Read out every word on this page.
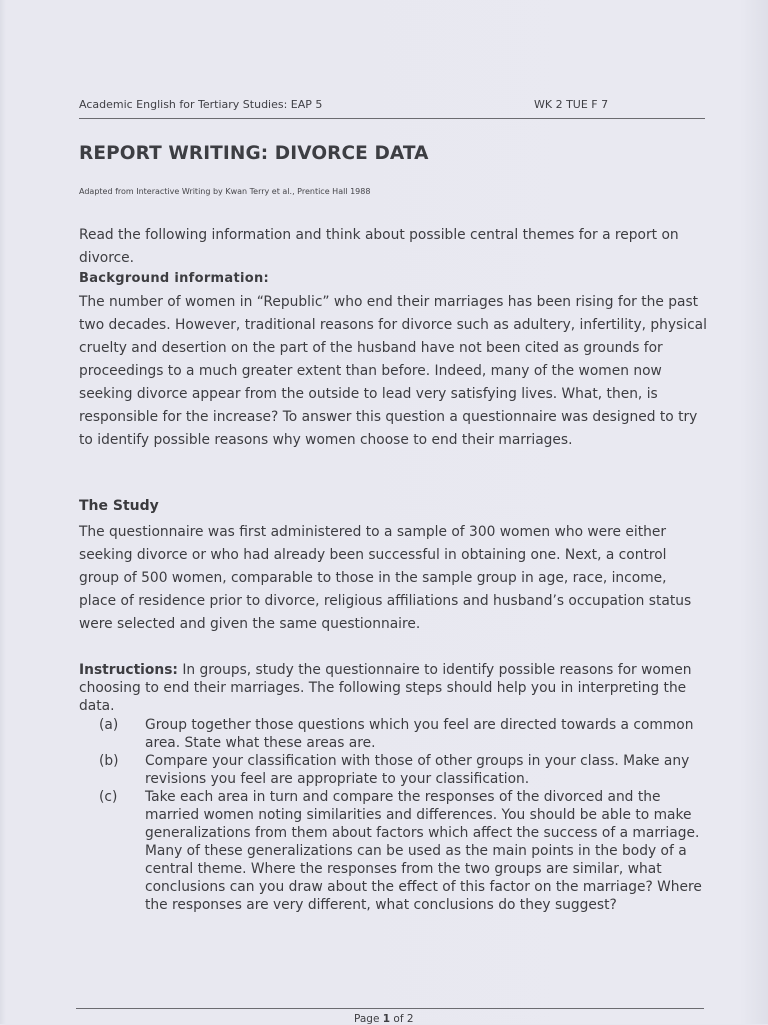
Academic English for Tertiary Studies: EAP 5	WK 2 TUE F 7
REPORT WRITING: DIVORCE DATA
Adapted from Interactive Writing by Kwan Terry et al., Prentice Hall 1988

Read the following information and think about possible central themes for a report on divorce.

Background information:

The number of women in “Republic” who end their marriages has been rising for the past two decades. However, traditional reasons for divorce such as adultery, infertility, physical cruelty and desertion on the part of the husband have not been cited as grounds for proceedings to a much greater extent than before. Indeed, many of the women now seeking divorce appear from the outside to lead very satisfying lives. What, then, is responsible for the increase? To answer this question a questionnaire was designed to try to identify possible reasons why women choose to end their marriages.

The Study

The questionnaire was first administered to a sample of 300 women who were either seeking divorce or who had already been successful in obtaining one. Next, a control group of 500 women, comparable to those in the sample group in age, race, income, place of residence prior to divorce, religious affiliations and husband’s occupation status were selected and given the same questionnaire.

Instructions: In groups, study the questionnaire to identify possible reasons for women choosing to end their marriages. The following steps should help you in interpreting the data.

(a) Group together those questions which you feel are directed towards a common area. State what these areas are.
(b) Compare your classification with those of other groups in your class. Make any revisions you feel are appropriate to your classification.
(c) Take each area in turn and compare the responses of the divorced and the married women noting similarities and differences. You should be able to make generalizations from them about factors which affect the success of a marriage. Many of these generalizations can be used as the main points in the body of a central theme. Where the responses from the two groups are similar, what conclusions can you draw about the effect of this factor on the marriage? Where the responses are very different, what conclusions do they suggest?
Page 1 of 2
